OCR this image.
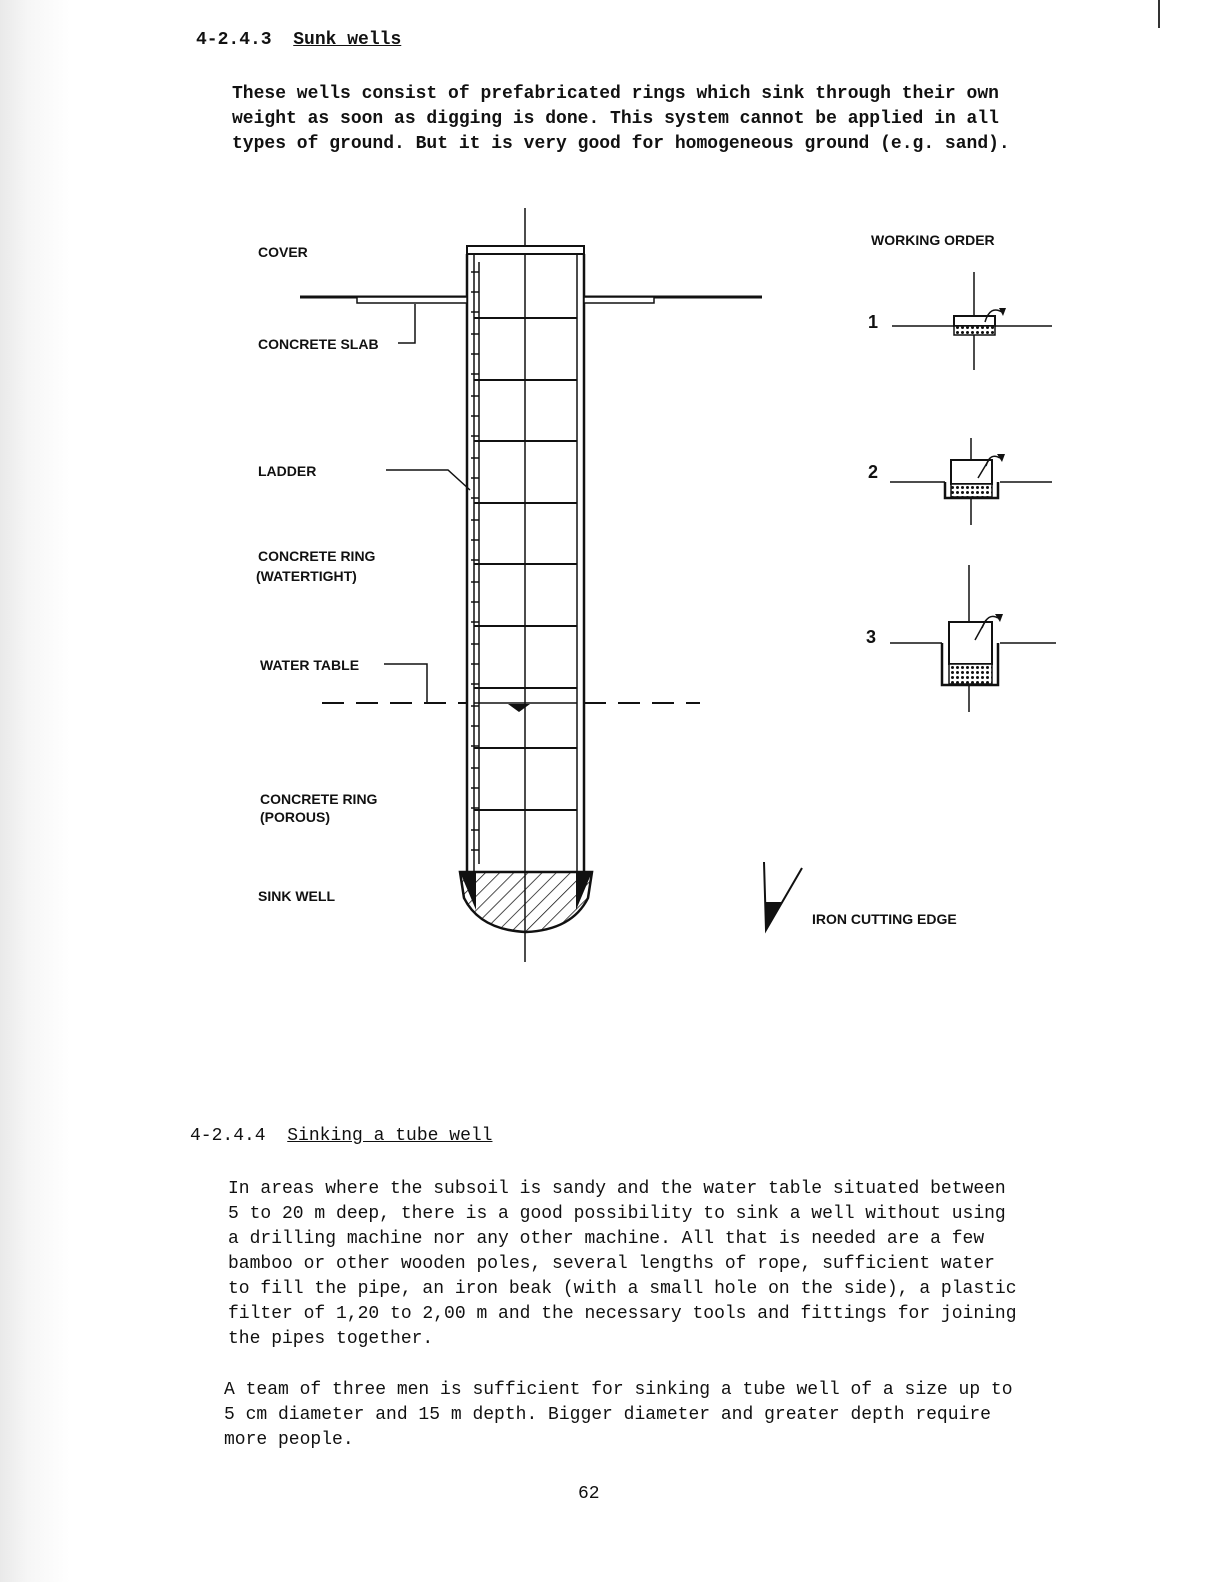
4-2.4.3 Sunk wells
These wells consist of prefabricated rings which sink through their own
weight as soon as digging is done. This system cannot be applied in all
types of ground. But it is very good for homogeneous ground (e.g. sand).
COVER
CONCRETE SLAB
LADDER
CONCRETE RING
(WATERTIGHT)
WATER TABLE
CONCRETE RING
(POROUS)
SINK WELL
WORKING ORDER
1
2
3
IRON CUTTING EDGE
4-2.4.4 Sinking a tube well
In areas where the subsoil is sandy and the water table situated between
5 to 20 m deep, there is a good possibility to sink a well without using
a drilling machine nor any other machine. All that is needed are a few
bamboo or other wooden poles, several lengths of rope, sufficient water
to fill the pipe, an iron beak (with a small hole on the side), a plastic
filter of 1,20 to 2,00 m and the necessary tools and fittings for joining
the pipes together.
A team of three men is sufficient for sinking a tube well of a size up to
5 cm diameter and 15 m depth. Bigger diameter and greater depth require
more people.
62
